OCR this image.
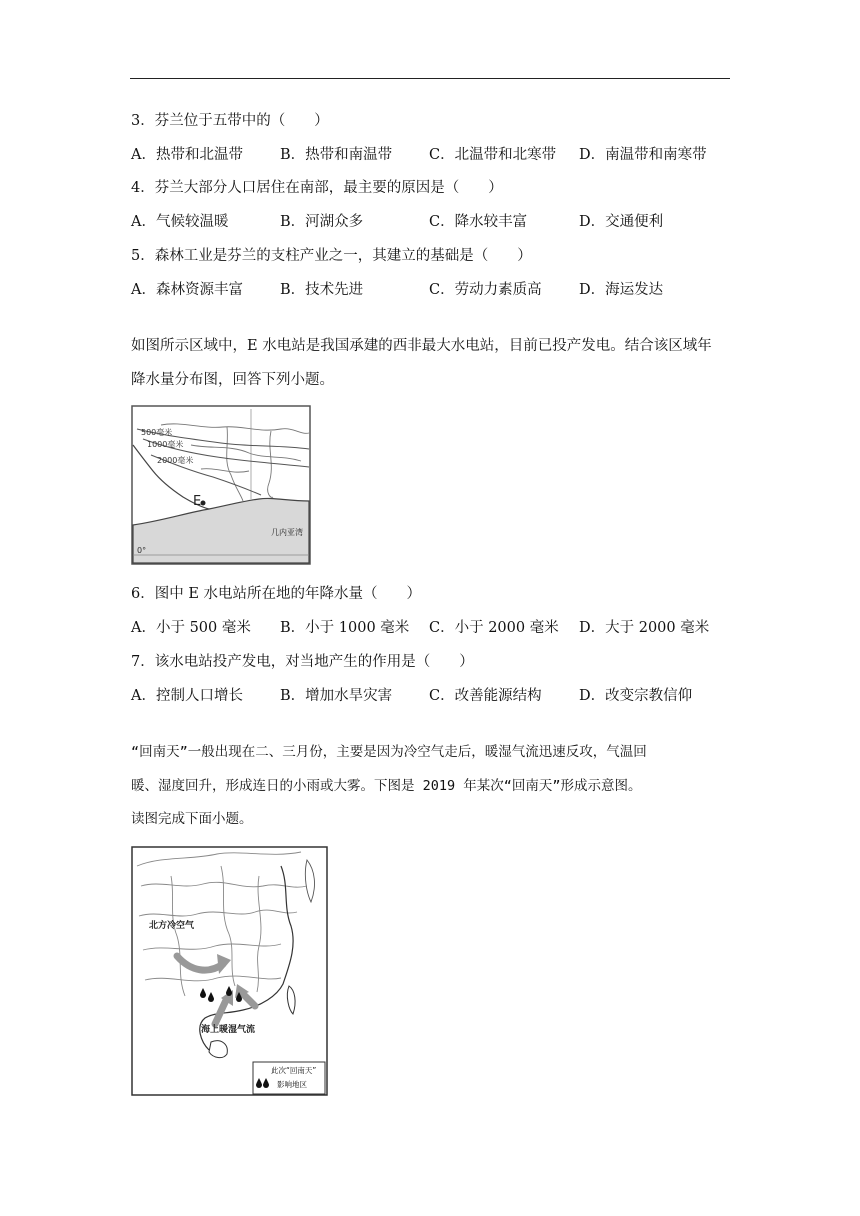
3．芬兰位于五带中的（　　）
A．热带和北温带	B．热带和南温带	C．北温带和北寒带 D．南温带和南寒带
4．芬兰大部分人口居住在南部，最主要的原因是（　　）
A．气候较温暖	B．河湖众多	C．降水较丰富	D．交通便利
5．森林工业是芬兰的支柱产业之一，其建立的基础是（　　）
A．森林资源丰富	B．技术先进	C．劳动力素质高	D．海运发达
如图所示区域中，E 水电站是我国承建的西非最大水电站，目前已投产发电。结合该区域年
降水量分布图，回答下列小题。
E
500毫米
1000毫米
2000毫米
几内亚湾
0°
6．图中 E 水电站所在地的年降水量（　　）
A．小于 500 毫米 B．小于 1000 毫米 C．小于 2000 毫米 D．大于 2000 毫米
7．该水电站投产发电，对当地产生的作用是（　　）
A．控制人口增长	B．增加水旱灾害	C．改善能源结构	D．改变宗教信仰
“回南天”一般出现在二、三月份，主要是因为冷空气走后，暖湿气流迅速反攻，气温回
暖、湿度回升，形成连日的小雨或大雾。下图是 2019 年某次“回南天”形成示意图。
读图完成下面小题。
北方冷空气
海上暖湿气流
此次“回南天”
影响地区
